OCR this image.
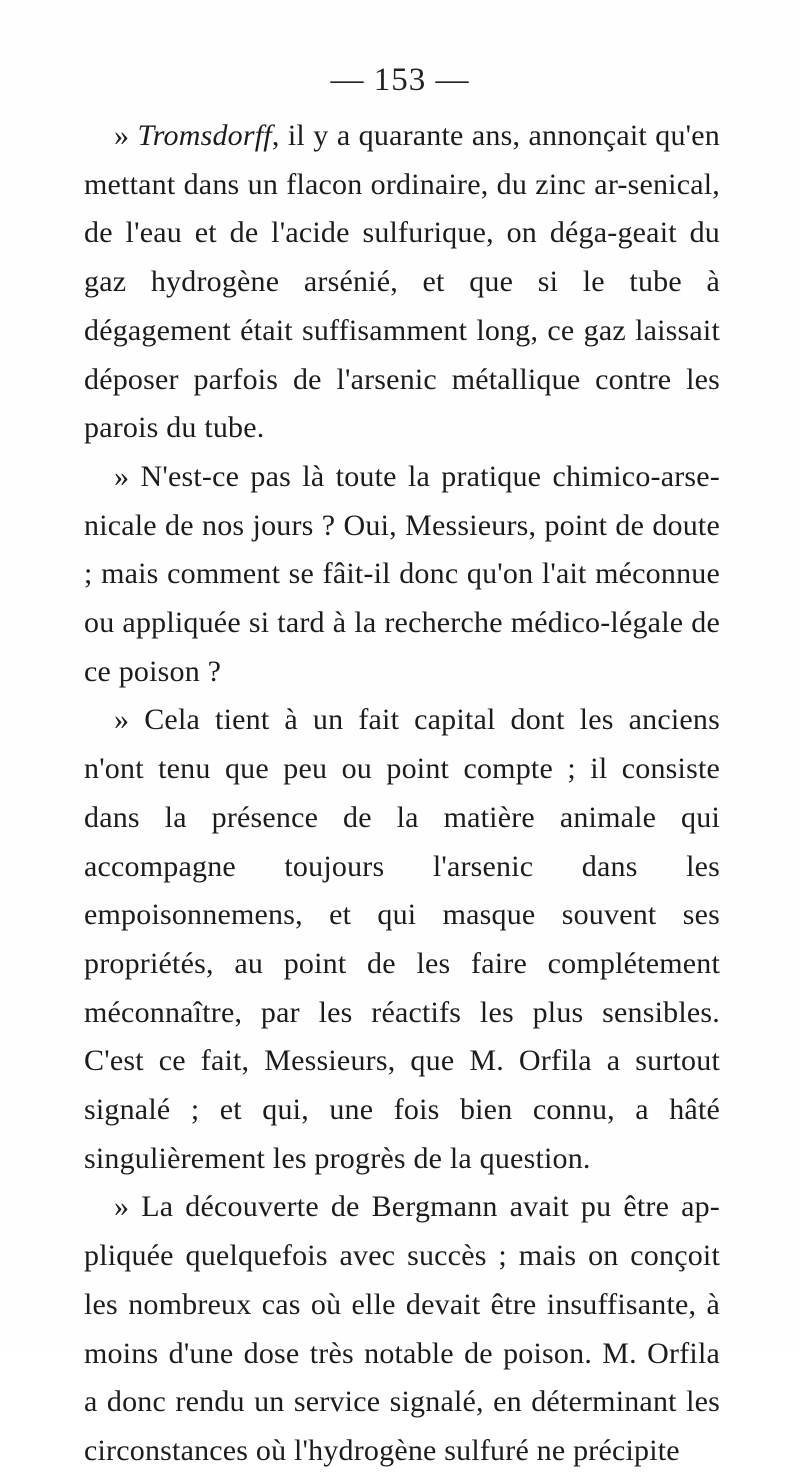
— 153 —

» Tromsdorff, il y a quarante ans, annonçait qu'en mettant dans un flacon ordinaire, du zinc ar-senical, de l'eau et de l'acide sulfurique, on déga-geait du gaz hydrogène arsénié, et que si le tube à dégagement était suffisamment long, ce gaz laissait déposer parfois de l'arsenic métallique contre les parois du tube.

» N'est-ce pas là toute la pratique chimico-arse-nicale de nos jours ? Oui, Messieurs, point de doute ; mais comment se fâit-il donc qu'on l'ait méconnue ou appliquée si tard à la recherche médico-légale de ce poison ?

» Cela tient à un fait capital dont les anciens n'ont tenu que peu ou point compte ; il consiste dans la présence de la matière animale qui accompagne toujours l'arsenic dans les empoisonnemens, et qui masque souvent ses propriétés, au point de les faire complétement méconnaître, par les réactifs les plus sensibles. C'est ce fait, Messieurs, que M. Orfila a surtout signalé ; et qui, une fois bien connu, a hâté singulièrement les progrès de la question.

» La découverte de Bergmann avait pu être ap-pliquée quelquefois avec succès ; mais on conçoit les nombreux cas où elle devait être insuffisante, à moins d'une dose très notable de poison. M. Orfila a donc rendu un service signalé, en déterminant les circonstances où l'hydrogène sulfuré ne précipite
